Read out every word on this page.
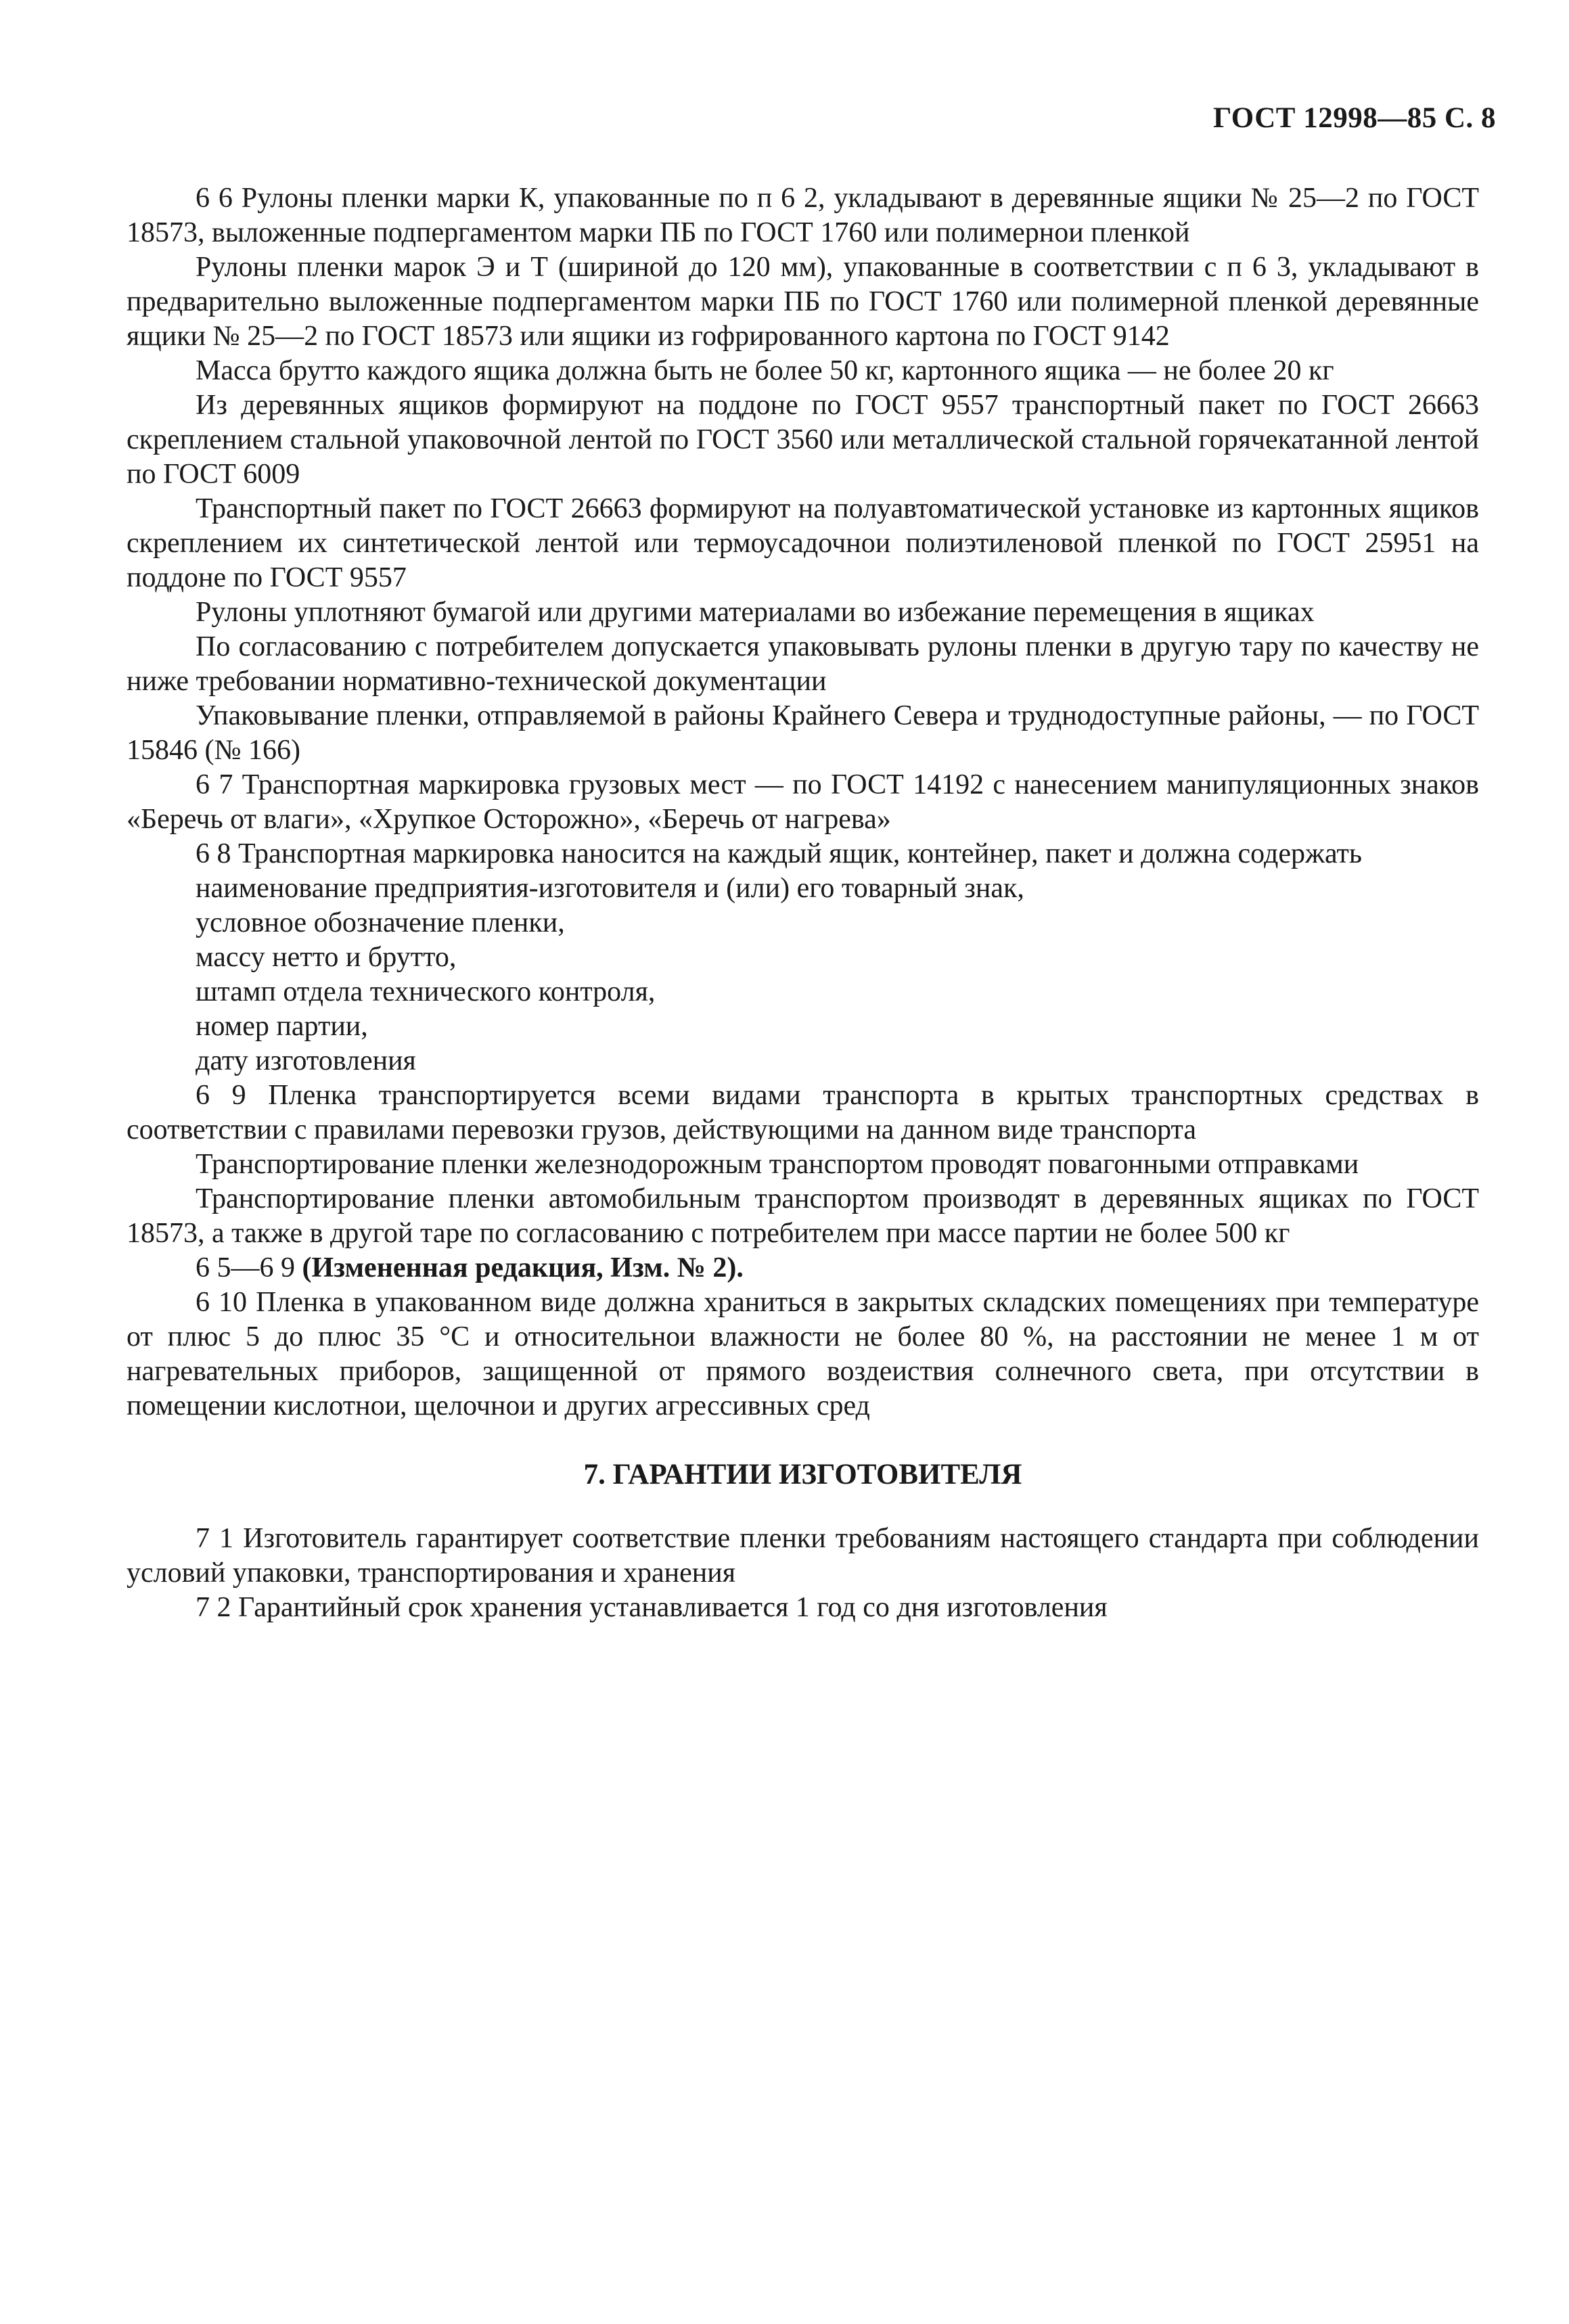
ГОСТ 12998—85 С. 8

6 6 Рулоны пленки марки К, упакованные по п 6 2, укладывают в деревянные ящики № 25—2 по ГОСТ 18573, выложенные подпергаментом марки ПБ по ГОСТ 1760 или полимернои пленкой

Рулоны пленки марок Э и Т (шириной до 120 мм), упакованные в соответствии с п 6 3, укладывают в предварительно выложенные подпергаментом марки ПБ по ГОСТ 1760 или полимерной пленкой деревянные ящики № 25—2 по ГОСТ 18573 или ящики из гофрированного картона по ГОСТ 9142

Масса брутто каждого ящика должна быть не более 50 кг, картонного ящика — не более 20 кг

Из деревянных ящиков формируют на поддоне по ГОСТ 9557 транспортный пакет по ГОСТ 26663 скреплением стальной упаковочной лентой по ГОСТ 3560 или металлической стальной горячекатанной лентой по ГОСТ 6009

Транспортный пакет по ГОСТ 26663 формируют на полуавтоматической установке из картонных ящиков скреплением их синтетической лентой или термоусадочнои полиэтиленовой пленкой по ГОСТ 25951 на поддоне по ГОСТ 9557

Рулоны уплотняют бумагой или другими материалами во избежание перемещения в ящиках

По согласованию с потребителем допускается упаковывать рулоны пленки в другую тару по качеству не ниже требовании нормативно-технической документации

Упаковывание пленки, отправляемой в районы Крайнего Севера и труднодоступные районы, — по ГОСТ 15846 (№ 166)

6 7 Транспортная маркировка грузовых мест — по ГОСТ 14192 с нанесением манипуляционных знаков «Беречь от влаги», «Хрупкое Осторожно», «Беречь от нагрева»

6 8 Транспортная маркировка наносится на каждый ящик, контейнер, пакет и должна содержать

наименование предприятия-изготовителя и (или) его товарный знак,

условное обозначение пленки,

массу нетто и брутто,

штамп отдела технического контроля,

номер партии,

дату изготовления

6 9 Пленка транспортируется всеми видами транспорта в крытых транспортных средствах в соответствии с правилами перевозки грузов, действующими на данном виде транспорта

Транспортирование пленки железнодорожным транспортом проводят повагонными отправками

Транспортирование пленки автомобильным транспортом производят в деревянных ящиках по ГОСТ 18573, а также в другой таре по согласованию с потребителем при массе партии не более 500 кг

6 5—6 9 (Измененная редакция, Изм. № 2).

6 10 Пленка в упакованном виде должна храниться в закрытых складских помещениях при температуре от плюс 5 до плюс 35 °С и относительнои влажности не более 80 %, на расстоянии не менее 1 м от нагревательных приборов, защищенной от прямого воздеиствия солнечного света, при отсутствии в помещении кислотнои, щелочнои и других агрессивных сред

7. ГАРАНТИИ ИЗГОТОВИТЕЛЯ

7 1 Изготовитель гарантирует соответствие пленки требованиям настоящего стандарта при соблюдении условий упаковки, транспортирования и хранения

7 2 Гарантийный срок хранения устанавливается 1 год со дня изготовления
